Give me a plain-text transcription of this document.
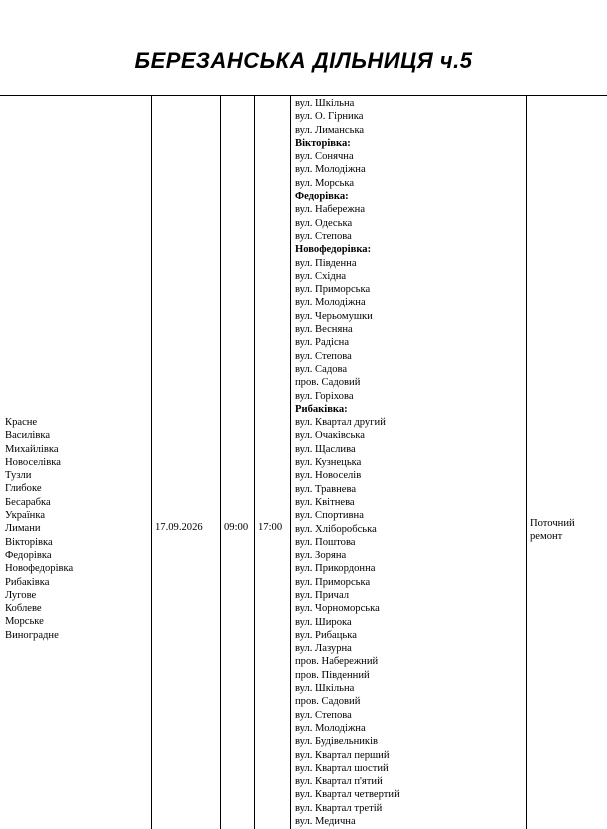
БЕРЕЗАНСЬКА ДІЛЬНИЦЯ ч.5
Красне
Василівка
Михайлівка
Новоселівка
Тузли
Глибоке
Бесарабка
Українка
Лимани
Вікторівка
Федорівка
Новофедорівка
Рибаківка
Лугове
Коблеве
Морське
Виноградне
17.09.2026 09:00 17:00
вул. Шкільна
вул. О. Гірника
вул. Лиманська
Вікторівка:
вул. Сонячна
вул. Молодіжна
вул. Морська
Федорівка:
вул. Набережна
вул. Одеська
вул. Степова
Новофедорівка:
вул. Південна
вул. Східна
вул. Приморська
вул. Молодіжна
вул. Черьомушки
вул. Весняна
вул. Радісна
вул. Степова
вул. Садова
пров. Садовий
вул. Горіхова
Рибаківка:
вул. Квартал другий
вул. Очаківська
вул. Щаслива
вул. Кузнецька
вул. Новоселів
вул. Травнева
вул. Квітнева
вул. Спортивна
вул. Хліборобська
вул. Поштова
вул. Зоряна
вул. Прикордонна
вул. Приморська
вул. Причал
вул. Чорноморська
вул. Широка
вул. Рибацька
вул. Лазурна
пров. Набережний
пров. Південний
вул. Шкільна
пров. Садовий
вул. Степова
вул. Молодіжна
вул. Будівельників
вул. Квартал перший
вул. Квартал шостий
вул. Квартал п'ятий
вул. Квартал четвертий
вул. Квартал третій
вул. Медична
Поточний ремонт
